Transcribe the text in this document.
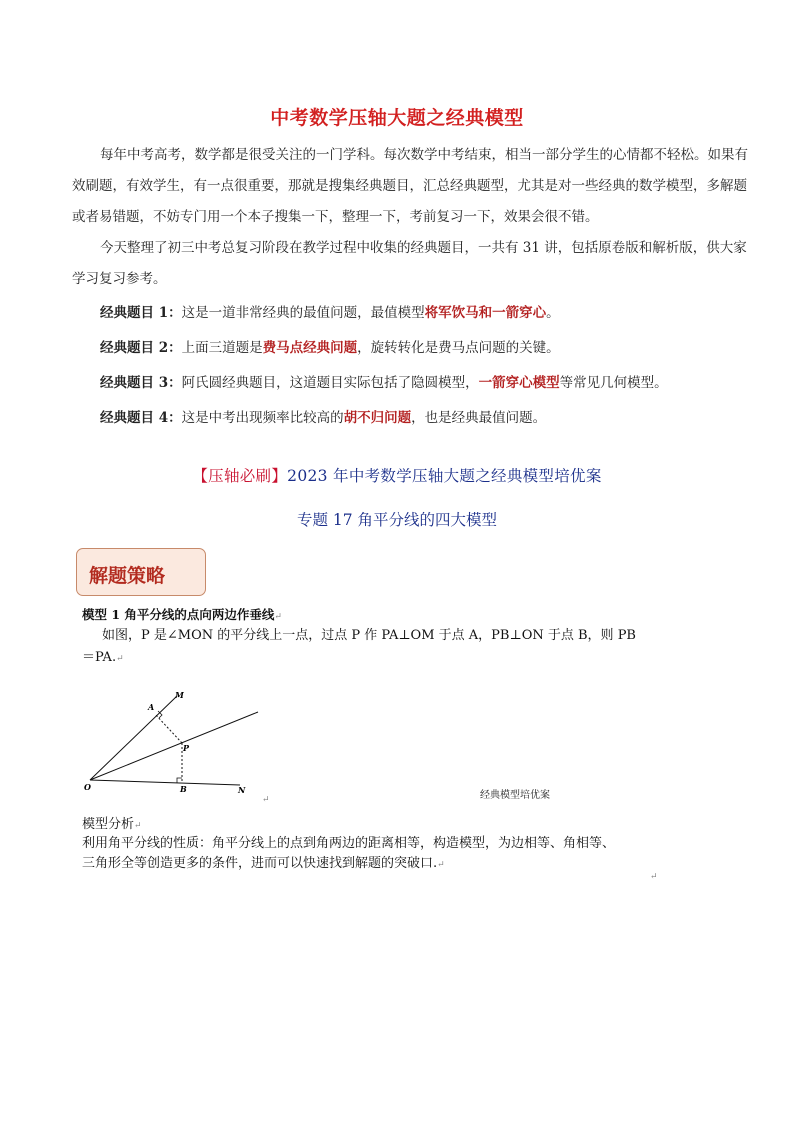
中考数学压轴大题之经典模型

每年中考高考，数学都是很受关注的一门学科。每次数学中考结束，相当一部分学生的心情都不轻松。如果有效刷题，有效学生，有一点很重要，那就是搜集经典题目，汇总经典题型，尤其是对一些经典的数学模型，多解题或者易错题，不妨专门用一个本子搜集一下，整理一下，考前复习一下，效果会很不错。

今天整理了初三中考总复习阶段在教学过程中收集的经典题目，一共有 31 讲，包括原卷版和解析版，供大家学习复习参考。

经典题目 1：这是一道非常经典的最值问题，最值模型将军饮马和一箭穿心。
经典题目 2：上面三道题是费马点经典问题，旋转转化是费马点问题的关键。
经典题目 3：阿氏圆经典题目，这道题目实际包括了隐圆模型，一箭穿心模型等常见几何模型。
经典题目 4：这是中考出现频率比较高的胡不归问题，也是经典最值问题。
【压轴必刷】2023 年中考数学压轴大题之经典模型培优案
专题 17 角平分线的四大模型
解题策略
模型 1 角平分线的点向两边作垂线↵
如图，P 是∠MON 的平分线上一点，过点 P 作 PA⊥OM 于点 A，PB⊥ON 于点 B，则 PB
＝PA.↵
O
A
M
P
B	N
↵	经典模型培优案
模型分析↵
利用角平分线的性质：角平分线上的点到角两边的距离相等，构造模型，为边相等、角相等、
三角形全等创造更多的条件，进而可以快速找到解题的突破口.↵
↵
